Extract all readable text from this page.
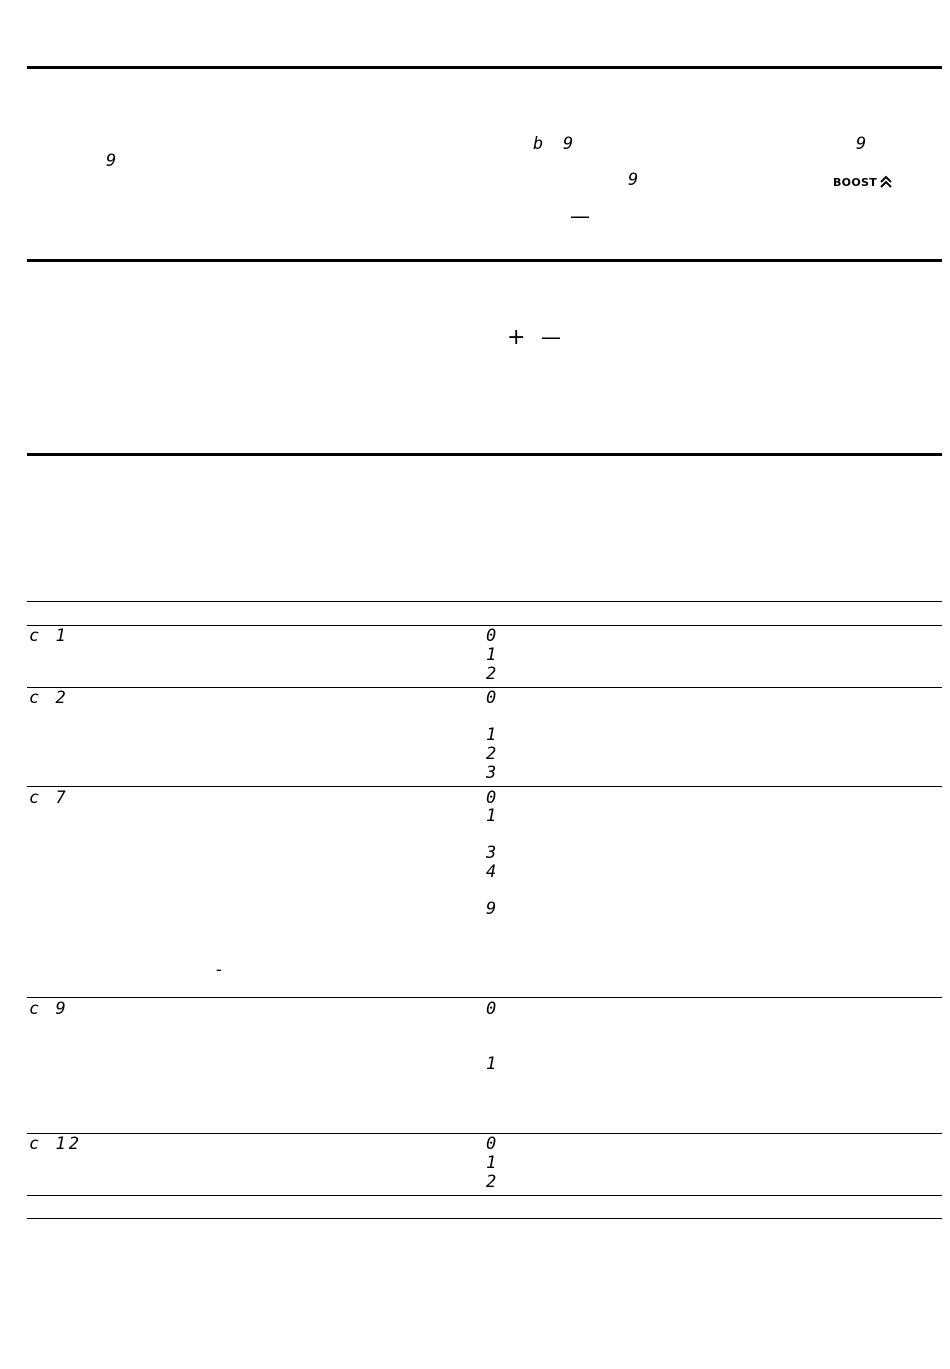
9
b 9	9
9
—
BOOST
+ —
c 1	0
1
2
c 2	0
1
2
3
c 7	0
1
3
4
9
-
c 9	0
1
c 12	0
1
2
